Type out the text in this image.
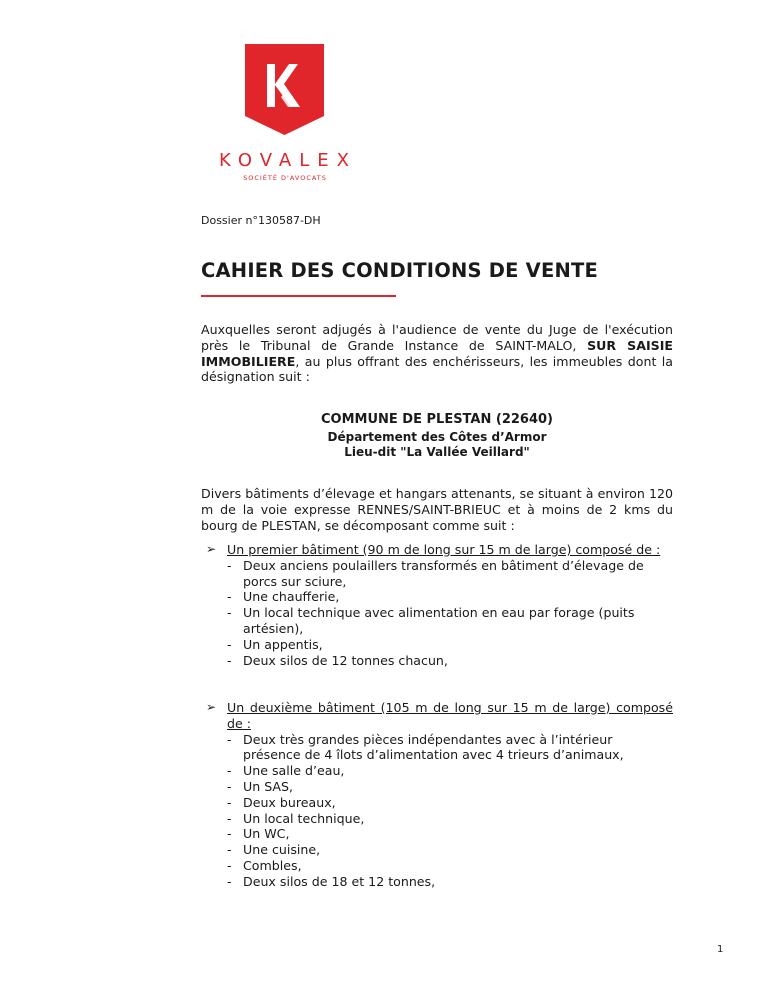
KOVALEX
SOCIÉTÉ D'AVOCATS
Dossier n°130587-DH
CAHIER DES CONDITIONS DE VENTE

Auxquelles seront adjugés à l'audience de vente du Juge de l'exécution près le Tribunal de Grande Instance de SAINT-MALO, SUR SAISIE IMMOBILIERE, au plus offrant des enchérisseurs, les immeubles dont la désignation suit :

COMMUNE DE PLESTAN (22640)
Département des Côtes d’Armor
Lieu-dit "La Vallée Veillard"

Divers bâtiments d’élevage et hangars attenants, se situant à environ 120 m de la voie expresse RENNES/SAINT-BRIEUC et à moins de 2 kms du bourg de PLESTAN, se décomposant comme suit :

➢ Un premier bâtiment (90 m de long sur 15 m de large) composé de :
- Deux anciens poulaillers transformés en bâtiment d’élevage de porcs sur sciure,
- Une chaufferie,
- Un local technique avec alimentation en eau par forage (puits artésien),
- Un appentis,
- Deux silos de 12 tonnes chacun,
➢ Un deuxième bâtiment (105 m de long sur 15 m de large) composé de :
- Deux très grandes pièces indépendantes avec à l’intérieur présence de 4 îlots d’alimentation avec 4 trieurs d’animaux,
- Une salle d’eau,
- Un SAS,
- Deux bureaux,
- Un local technique,
- Un WC,
- Une cuisine,
- Combles,
- Deux silos de 18 et 12 tonnes,
1
